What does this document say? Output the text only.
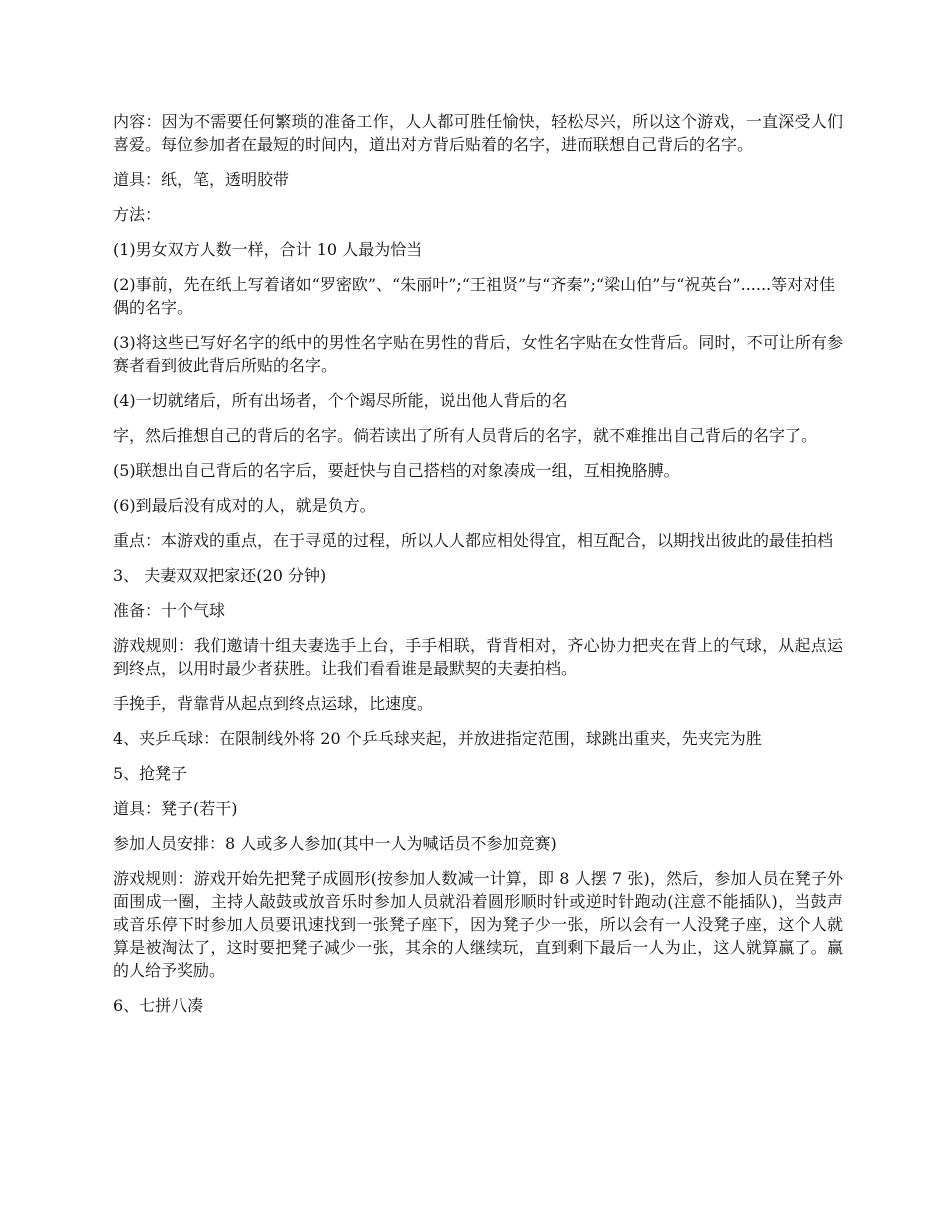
内容：因为不需要任何繁琐的准备工作，人人都可胜任愉快，轻松尽兴，所以这个游戏，一直深受人们喜爱。每位参加者在最短的时间内，道出对方背后贴着的名字，进而联想自己背后的名字。

道具：纸，笔，透明胶带

方法：

(1)男女双方人数一样，合计 10 人最为恰当

(2)事前，先在纸上写着诸如“罗密欧”、“朱丽叶”;“王祖贤”与“齐秦”;“梁山伯”与“祝英台”......等对对佳偶的名字。

(3)将这些已写好名字的纸中的男性名字贴在男性的背后，女性名字贴在女性背后。同时，不可让所有参赛者看到彼此背后所贴的名字。

(4)一切就绪后，所有出场者，个个竭尽所能，说出他人背后的名

字，然后推想自己的背后的名字。倘若读出了所有人员背后的名字，就不难推出自己背后的名字了。

(5)联想出自己背后的名字后，要赶快与自己搭档的对象凑成一组，互相挽胳膊。

(6)到最后没有成对的人，就是负方。

重点：本游戏的重点，在于寻觅的过程，所以人人都应相处得宜，相互配合，以期找出彼此的最佳拍档

3、 夫妻双双把家还(20 分钟)

准备：十个气球

游戏规则：我们邀请十组夫妻选手上台，手手相联，背背相对，齐心协力把夹在背上的气球，从起点运到终点，以用时最少者获胜。让我们看看谁是最默契的夫妻拍档。

手挽手，背靠背从起点到终点运球，比速度。

4、夹乒乓球：在限制线外将 20 个乒乓球夹起，并放进指定范围，球跳出重夹，先夹完为胜

5、抢凳子

道具：凳子(若干)

参加人员安排：8 人或多人参加(其中一人为喊话员不参加竞赛)

游戏规则：游戏开始先把凳子成圆形(按参加人数减一计算，即 8 人摆 7 张)，然后，参加人员在凳子外面围成一圈，主持人敲鼓或放音乐时参加人员就沿着圆形顺时针或逆时针跑动(注意不能插队)，当鼓声或音乐停下时参加人员要讯速找到一张凳子座下，因为凳子少一张，所以会有一人没凳子座，这个人就算是被淘汰了，这时要把凳子减少一张，其余的人继续玩，直到剩下最后一人为止，这人就算赢了。赢的人给予奖励。

6、七拼八凑
